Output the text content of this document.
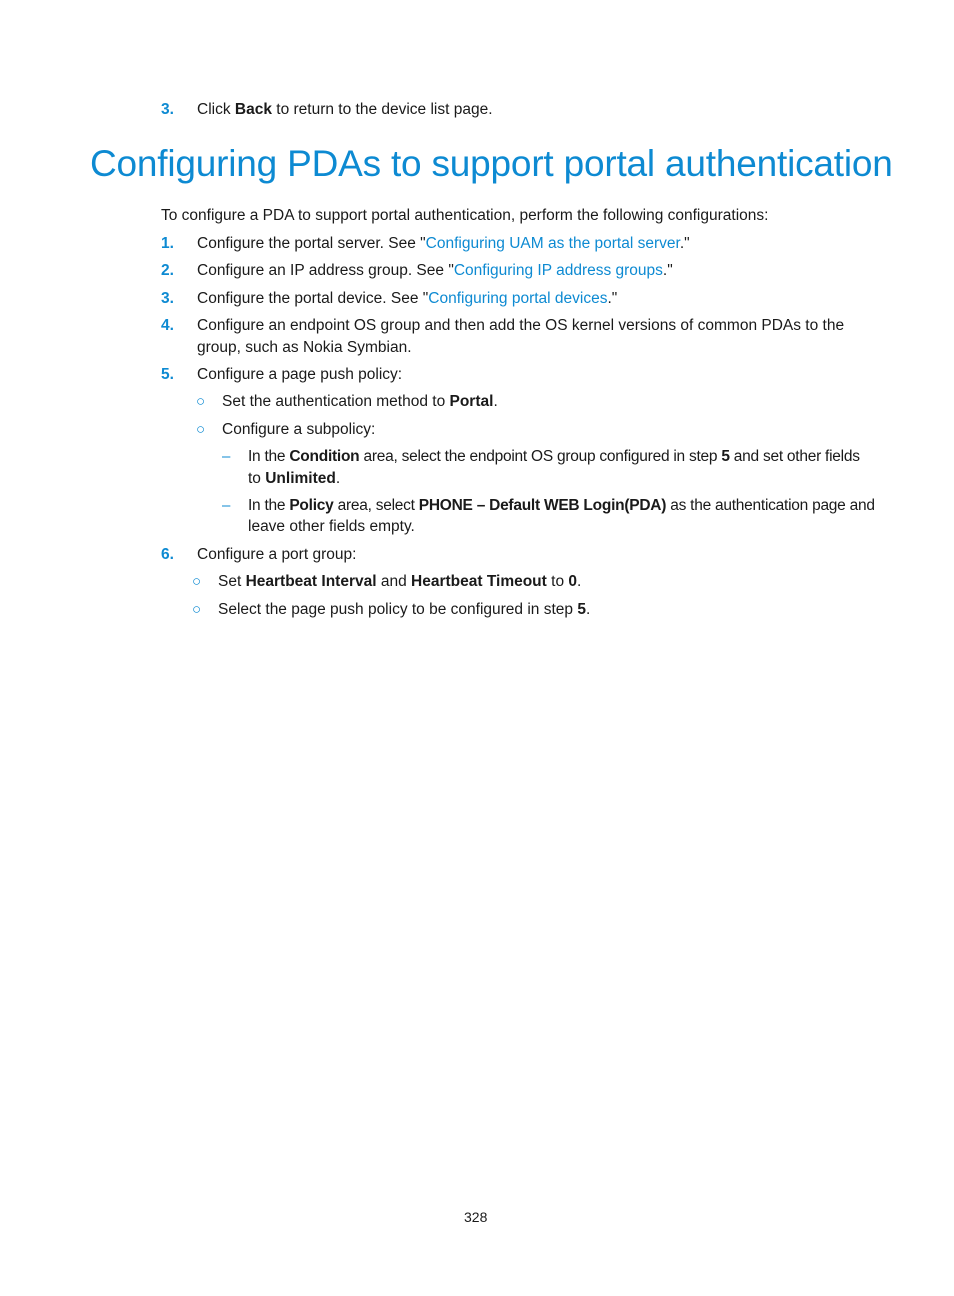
3. Click Back to return to the device list page.
Configuring PDAs to support portal authentication
To configure a PDA to support portal authentication, perform the following configurations:
1. Configure the portal server. See "Configuring UAM as the portal server."
2. Configure an IP address group. See "Configuring IP address groups."
3. Configure the portal device. See "Configuring portal devices."
4. Configure an endpoint OS group and then add the OS kernel versions of common PDAs to the
group, such as Nokia Symbian.
5. Configure a page push policy:
○ Set the authentication method to Portal.
○ Configure a subpolicy:
– In the Condition area, select the endpoint OS group configured in step 5 and set other fields
to Unlimited.
– In the Policy area, select PHONE – Default WEB Login(PDA) as the authentication page and
leave other fields empty.
6. Configure a port group:
○ Set Heartbeat Interval and Heartbeat Timeout to 0.
○ Select the page push policy to be configured in step 5.
328
